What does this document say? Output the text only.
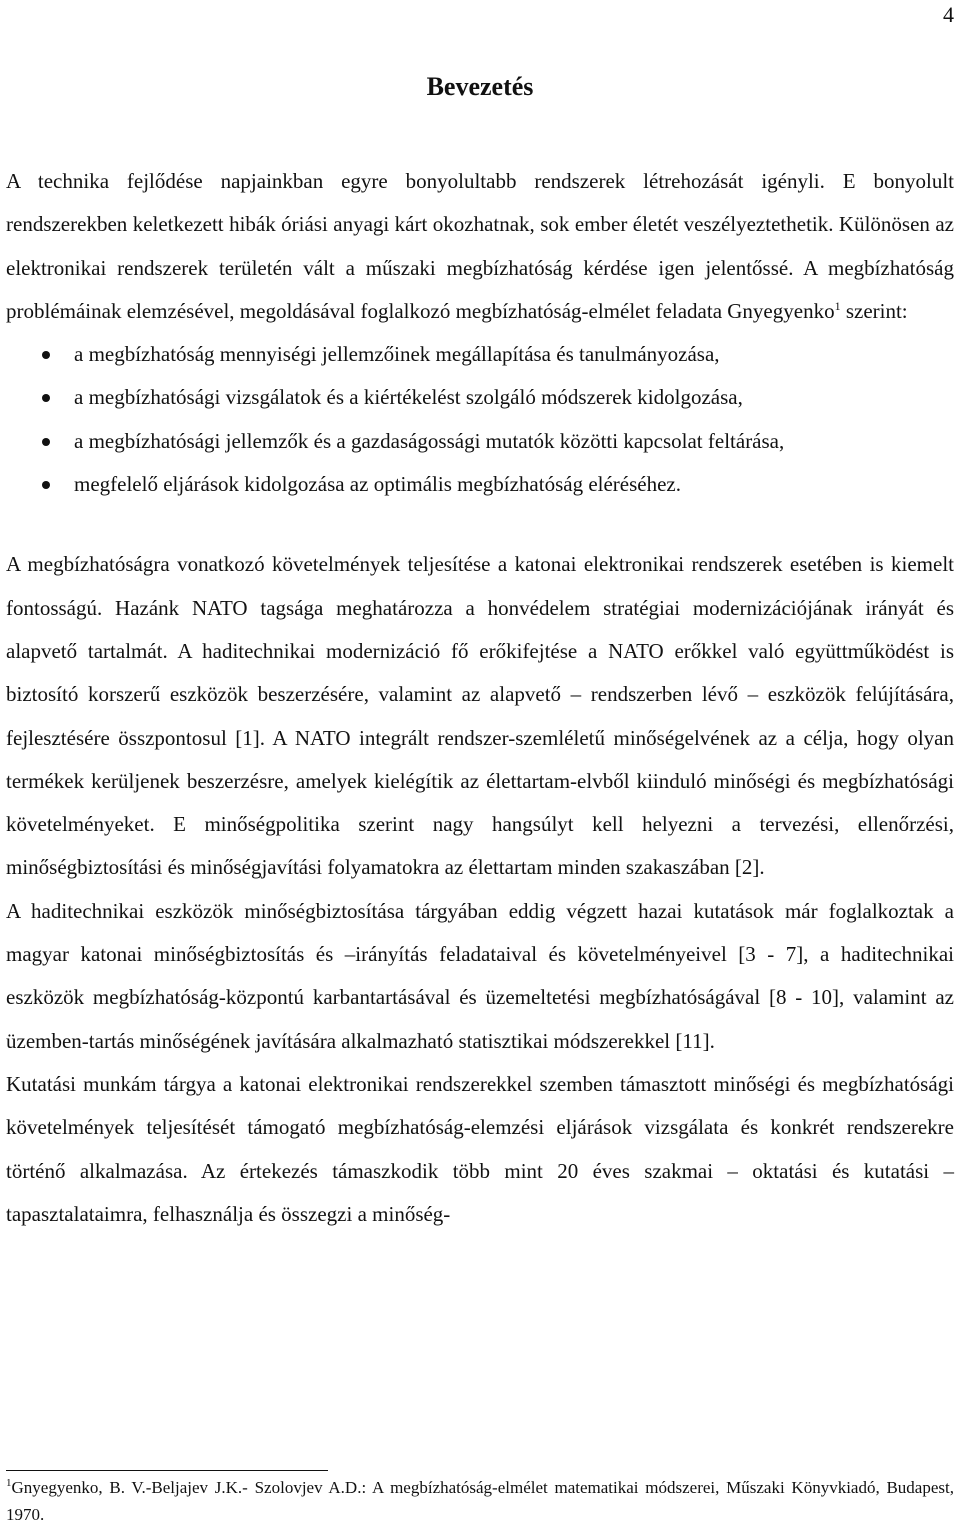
4
Bevezetés

A technika fejlődése napjainkban egyre bonyolultabb rendszerek létrehozását igényli. E bonyolult rendszerekben keletkezett hibák óriási anyagi kárt okozhatnak, sok ember életét veszélyeztethetik. Különösen az elektronikai rendszerek területén vált a műszaki megbízhatóság kérdése igen jelentőssé. A megbízhatóság problémáinak elemzésével, megoldásával foglalkozó megbízhatóság-elmélet feladata Gnyegyenko$^1$ szerint:

a megbízhatóság mennyiségi jellemzőinek megállapítása és tanulmányozása,
a megbízhatósági vizsgálatok és a kiértékelést szolgáló módszerek kidolgozása,
a megbízhatósági jellemzők és a gazdaságossági mutatók közötti kapcsolat feltárása,
megfelelő eljárások kidolgozása az optimális megbízhatóság eléréséhez.

A megbízhatóságra vonatkozó követelmények teljesítése a katonai elektronikai rendszerek esetében is kiemelt fontosságú. Hazánk NATO tagsága meghatározza a honvédelem stratégiai modernizációjának irányát és alapvető tartalmát. A haditechnikai modernizáció fő erőkifejtése a NATO erőkkel való együttműködést is biztosító korszerű eszközök beszerzésére, valamint az alapvető – rendszerben lévő – eszközök felújítására, fejlesztésére összpontosul [1]. A NATO integrált rendszer-szemléletű minőségelvének az a célja, hogy olyan termékek kerüljenek beszerzésre, amelyek kielégítik az élettartam-elvből kiinduló minőségi és megbízhatósági követelményeket. E minőségpolitika szerint nagy hangsúlyt kell helyezni a tervezési, ellenőrzési, minőségbiztosítási és minőségjavítási folyamatokra az élettartam minden szakaszában [2].

A haditechnikai eszközök minőségbiztosítása tárgyában eddig végzett hazai kutatások már foglalkoztak a magyar katonai minőségbiztosítás és –irányítás feladataival és követelményeivel [3 - 7], a haditechnikai eszközök megbízhatóság-központú karbantartásával és üzemeltetési megbízhatóságával [8 - 10], valamint az üzemben-tartás minőségének javítására alkalmazható statisztikai módszerekkel [11].

Kutatási munkám tárgya a katonai elektronikai rendszerekkel szemben támasztott minőségi és megbízhatósági követelmények teljesítését támogató megbízhatóság-elemzési eljárások vizsgálata és konkrét rendszerekre történő alkalmazása. Az értekezés támaszkodik több mint 20 éves szakmai – oktatási és kutatási – tapasztalataimra, felhasználja és összegzi a minőség-

$^1$Gnyegyenko, B. V.-Beljajev J.K.- Szolovjev A.D.: A megbízhatóság-elmélet matematikai módszerei, Műszaki Könyvkiadó, Budapest, 1970.
